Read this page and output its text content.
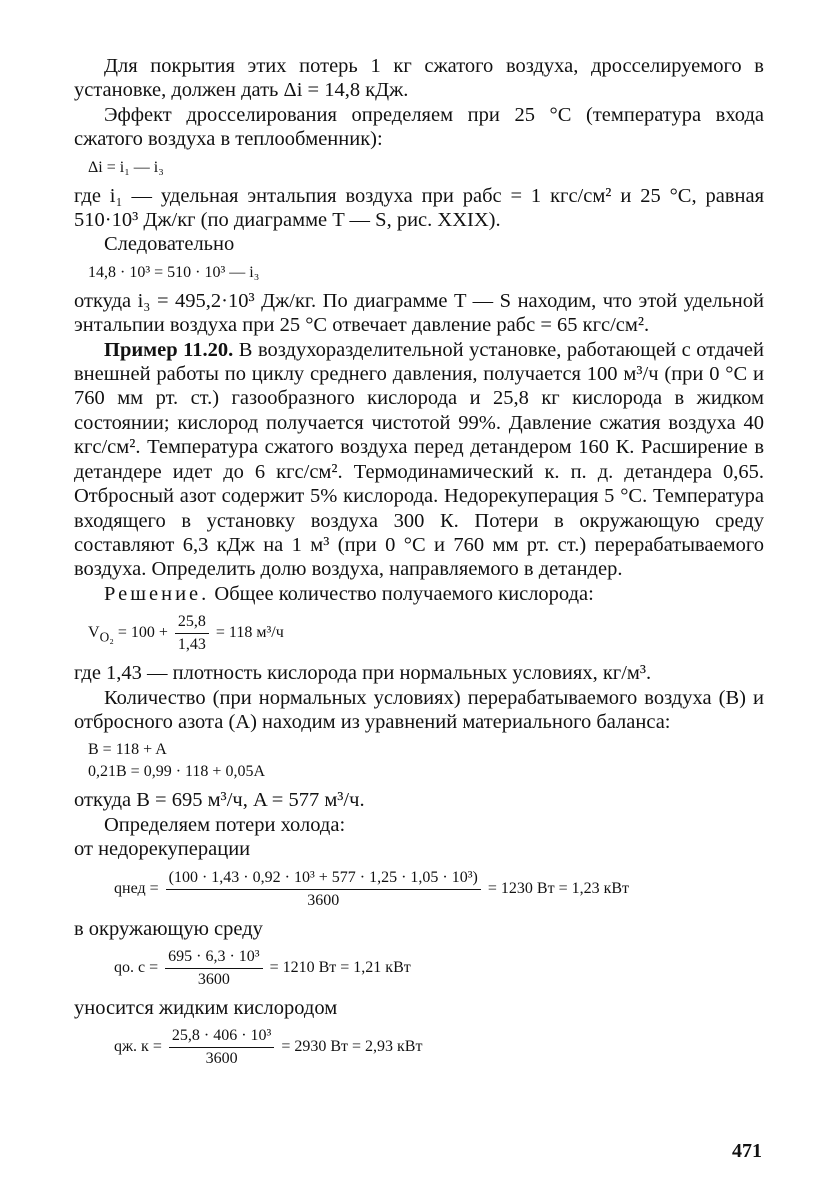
Для покрытия этих потерь 1 кг сжатого воздуха, дросселируемого в установке, должен дать Δi = 14,8 кДж.

Эффект дросселирования определяем при 25 °С (температура входа сжатого воздуха в теплообменник):

Δi = i₁ — i₃

где i₁ — удельная энтальпия воздуха при pабс = 1 кгс/см² и 25 °С, равная 510·10³ Дж/кг (по диаграмме T — S, рис. XXIX).

Следовательно

14,8 · 10³ = 510 · 10³ — i₃

откуда i₃ = 495,2·10³ Дж/кг. По диаграмме T — S находим, что этой удельной энтальпии воздуха при 25 °С отвечает давление pабс = 65 кгс/см².

Пример 11.20. В воздухоразделительной установке, работающей с отдачей внешней работы по циклу среднего давления, получается 100 м³/ч (при 0 °С и 760 мм рт. ст.) газообразного кислорода и 25,8 кг кислорода в жидком состоянии; кислород получается чистотой 99%. Давление сжатия воздуха 40 кгс/см². Температура сжатого воздуха перед детандером 160 К. Расширение в детандере идет до 6 кгс/см². Термодинамический к. п. д. детандера 0,65. Отбросный азот содержит 5% кислорода. Недорекуперация 5 °С. Температура входящего в установку воздуха 300 К. Потери в окружающую среду составляют 6,3 кДж на 1 м³ (при 0 °С и 760 мм рт. ст.) перерабатываемого воздуха. Определить долю воздуха, направляемого в детандер.

Решение. Общее количество получаемого кислорода:

$V_{O_2} = 100 + \frac{25,8}{1,43} = 118$ м³/ч

где 1,43 — плотность кислорода при нормальных условиях, кг/м³.

Количество (при нормальных условиях) перерабатываемого воздуха (B) и отбросного азота (A) находим из уравнений материального баланса:

B = 118 + A
0,21B = 0,99 · 118 + 0,05A

откуда B = 695 м³/ч, A = 577 м³/ч.

Определяем потери холода:

от недорекуперации

qнед = $\frac{\text{(100 · 1,43 · 0,92 · 10³ + 577 · 1,25 · 1,05 · 10³)}}{3600} = 1230$ Вт = 1,23 кВт

в окружающую среду

qо. $с = \frac{\text{695 · 6,3 · 10³}}{3600} = 1210$ Вт = 1,21 кВт

уносится жидким кислородом

qж. $к = \frac{\text{25,8 · 406 · 10³}}{3600} = 2930$ Вт = 2,93 кВт
471
